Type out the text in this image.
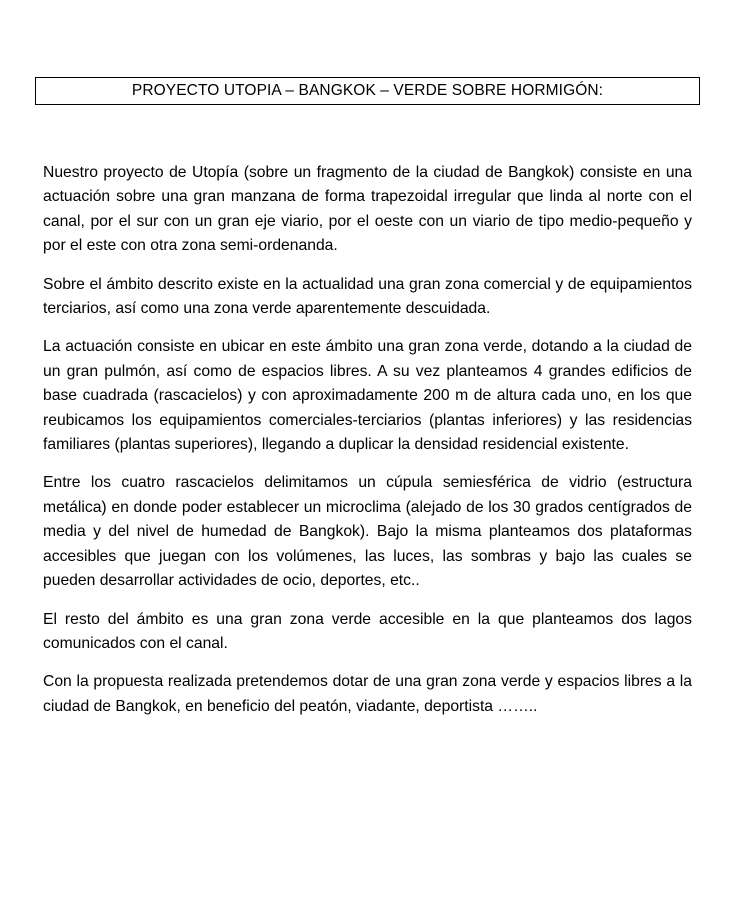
PROYECTO UTOPIA – BANGKOK – VERDE SOBRE HORMIGÓN:

Nuestro proyecto de Utopía (sobre un fragmento de la ciudad de Bangkok) consiste en una actuación sobre una gran manzana de forma trapezoidal irregular que linda al norte con el canal, por el sur con un gran eje viario, por el oeste con un viario de tipo medio-pequeño y por el este con otra zona semi-ordenanda.

Sobre el ámbito descrito existe en la actualidad una gran zona comercial y de equipamientos terciarios, así como una zona verde aparentemente descuidada.

La actuación consiste en ubicar en este ámbito una gran zona verde, dotando a la ciudad de un gran pulmón, así como de espacios libres. A su vez planteamos 4 grandes edificios de base cuadrada (rascacielos) y con aproximadamente 200 m de altura cada uno, en los que reubicamos los equipamientos comerciales-terciarios (plantas inferiores) y las residencias familiares (plantas superiores), llegando a duplicar la densidad residencial existente.

Entre los cuatro rascacielos delimitamos un cúpula semiesférica de vidrio (estructura metálica) en donde poder establecer un microclima (alejado de los 30 grados centígrados de media y del nivel de humedad de Bangkok). Bajo la misma planteamos dos plataformas accesibles que juegan con los volúmenes, las luces, las sombras y bajo las cuales se pueden desarrollar actividades de ocio, deportes, etc..

El resto del ámbito es una gran zona verde accesible en la que planteamos dos lagos comunicados con el canal.

Con la propuesta realizada pretendemos dotar de una gran zona verde y espacios libres a la ciudad de Bangkok, en beneficio del peatón, viadante, deportista ……..
